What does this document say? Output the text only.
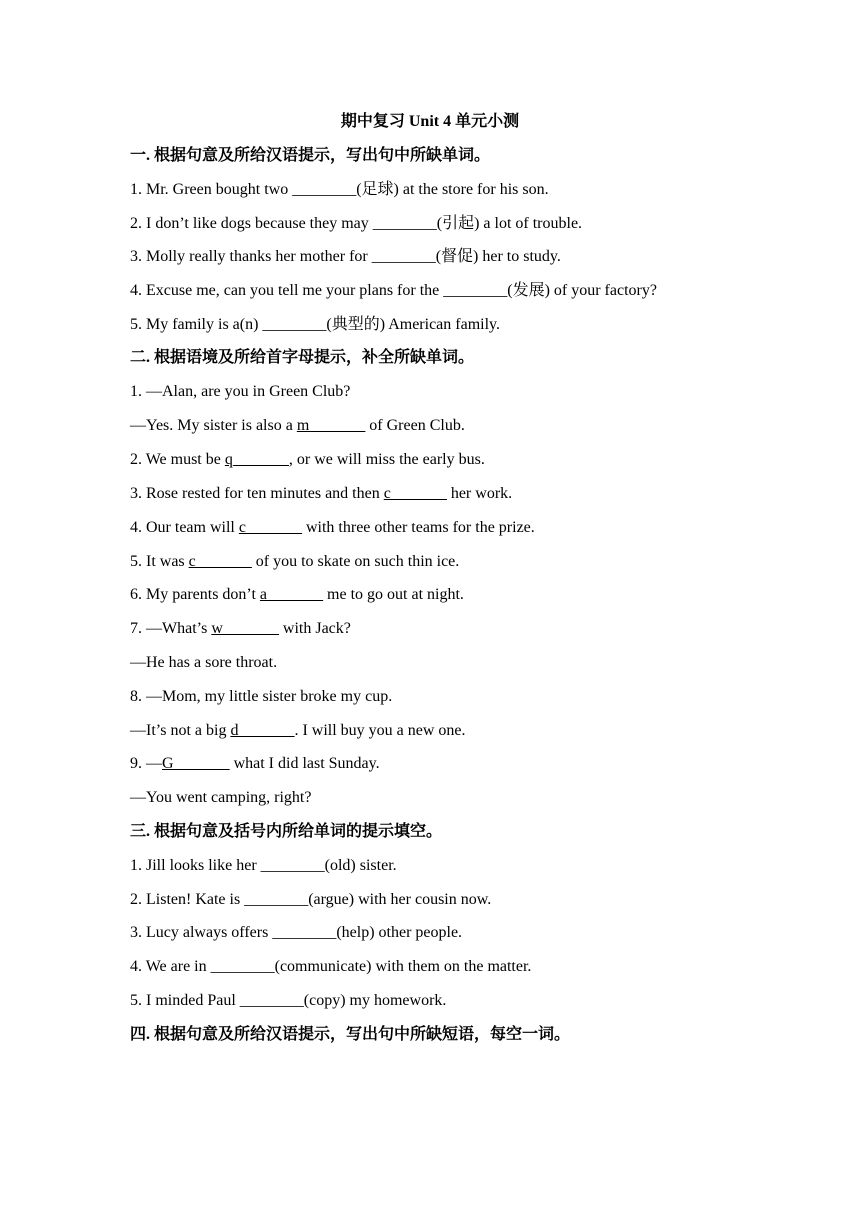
期中复习 Unit 4 单元小测
一. 根据句意及所给汉语提示，写出句中所缺单词。
1. Mr. Green bought two ________(足球) at the store for his son.
2. I don’t like dogs because they may ________(引起) a lot of trouble.
3. Molly really thanks her mother for ________(督促) her to study.
4. Excuse me, can you tell me your plans for the ________(发展) of your factory?
5. My family is a(n) ________(典型的) American family.
二. 根据语境及所给首字母提示，补全所缺单词。
1. —Alan, are you in Green Club?
—Yes. My sister is also a m_______ of Green Club.
2. We must be q_______, or we will miss the early bus.
3. Rose rested for ten minutes and then c_______ her work.
4. Our team will c_______ with three other teams for the prize.
5. It was c_______ of you to skate on such thin ice.
6. My parents don’t a_______ me to go out at night.
7. —What’s w_______ with Jack?
—He has a sore throat.
8. —Mom, my little sister broke my cup.
—It’s not a big d_______. I will buy you a new one.
9. —G_______ what I did last Sunday.
—You went camping, right?
三. 根据句意及括号内所给单词的提示填空。
1. Jill looks like her ________(old) sister.
2. Listen! Kate is ________(argue) with her cousin now.
3. Lucy always offers ________(help) other people.
4. We are in ________(communicate) with them on the matter.
5. I minded Paul ________(copy) my homework.
四. 根据句意及所给汉语提示，写出句中所缺短语，每空一词。
